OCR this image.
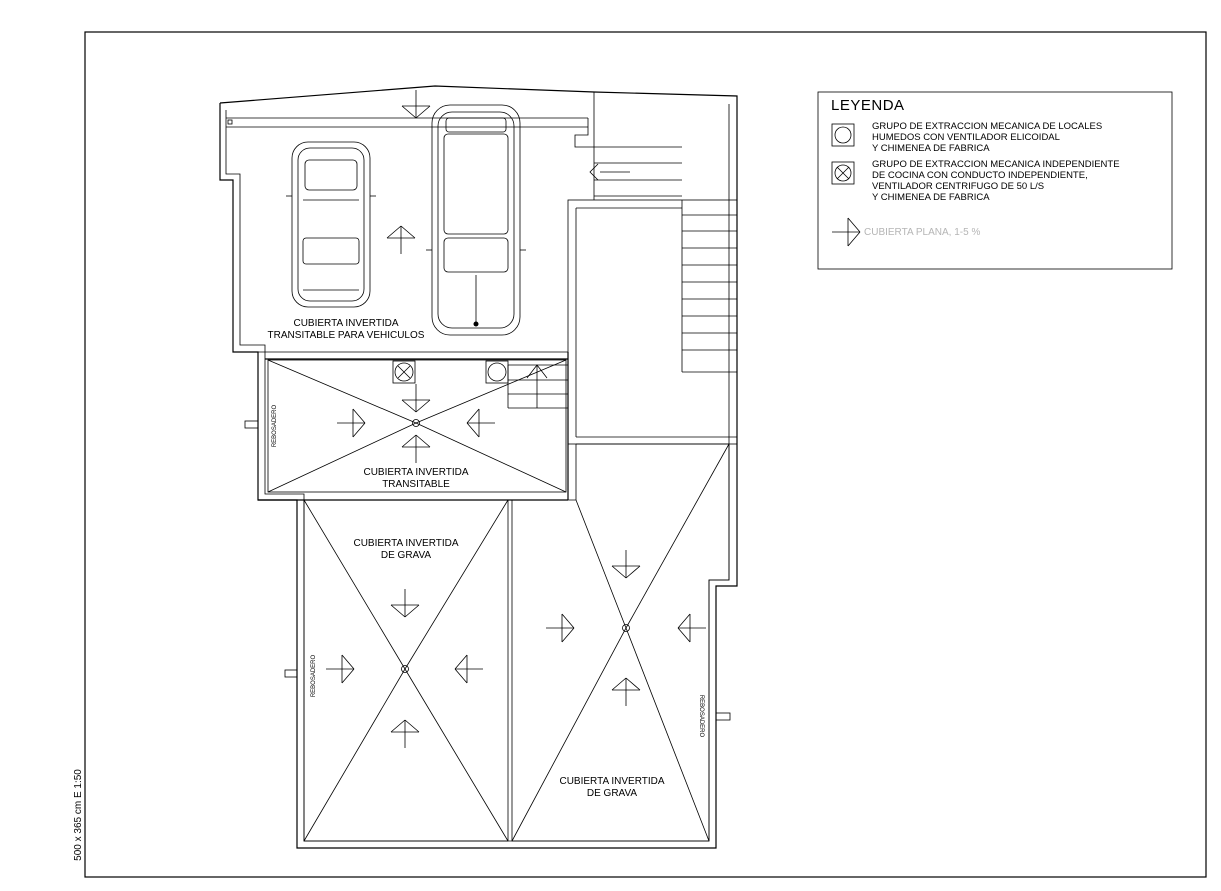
CUBIERTA INVERTIDA
TRANSITABLE PARA VEHICULOS
CUBIERTA INVERTIDA
TRANSITABLE
CUBIERTA INVERTIDA
DE GRAVA
CUBIERTA INVERTIDA
DE GRAVA
REBOSADERO
REBOSADERO
REBOSADERO
500 x 365 cm E 1:50
LEYENDA
GRUPO DE EXTRACCION MECANICA DE LOCALES
HUMEDOS CON VENTILADOR ELICOIDAL
Y CHIMENEA DE FABRICA
GRUPO DE EXTRACCION MECANICA INDEPENDIENTE
DE COCINA CON CONDUCTO INDEPENDIENTE,
VENTILADOR CENTRIFUGO DE 50 L/S
Y CHIMENEA DE FABRICA
CUBIERTA PLANA, 1-5 %
